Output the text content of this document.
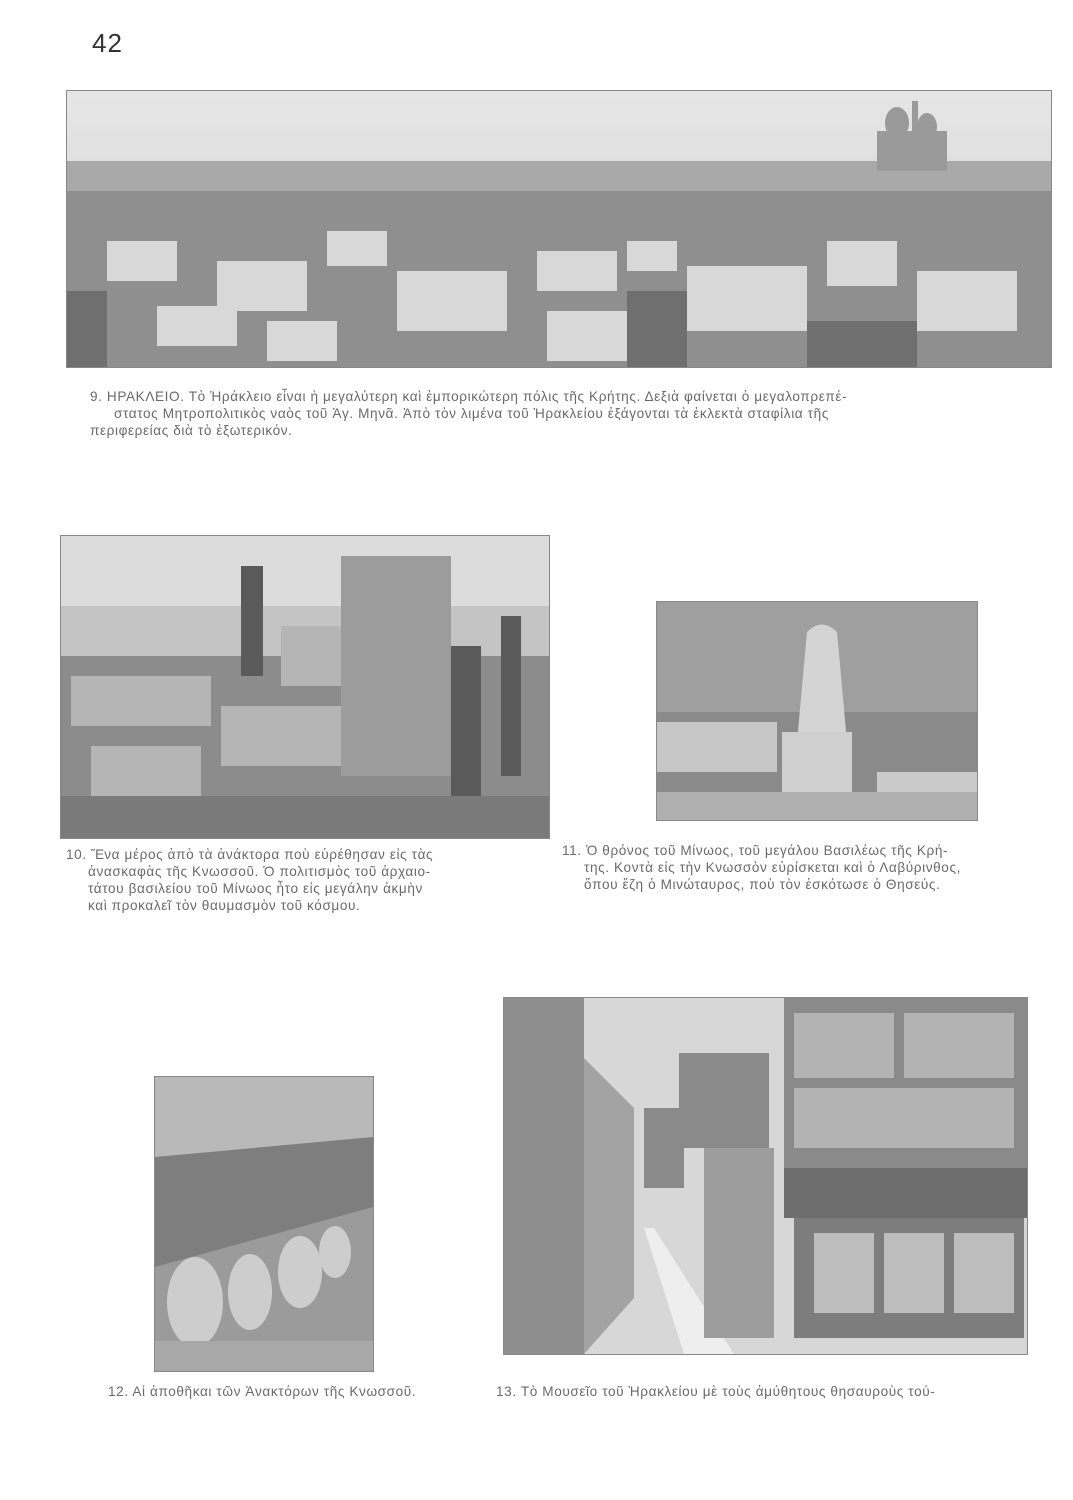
42
9. ΗΡΑΚΛΕΙΟ. Τὸ Ἡράκλειο εἶναι ἡ μεγαλύτερη καὶ ἐμπορικώτερη πόλις τῆς Κρήτης. Δεξιὰ φαίνεται ὁ μεγαλοπρεπέ-
στατος Μητροπολιτικὸς ναὸς τοῦ Ἁγ. Μηνᾶ. Ἀπὸ τὸν λιμένα τοῦ Ἡρακλείου ἐξάγονται τὰ ἐκλεκτὰ σταφίλια τῆς
περιφερείας διὰ τὸ ἐξωτερικόν.
10. Ἕνα μέρος ἀπὸ τὰ ἀνάκτορα ποὺ εὑρέθησαν εἰς τὰς
ἀνασκαφὰς τῆς Κνωσσοῦ. Ὁ πολιτισμὸς τοῦ ἀρχαιο-
τάτου βασιλείου τοῦ Μίνωος ἦτο εἰς μεγάλην ἀκμὴν
καὶ προκαλεῖ τὸν θαυμασμὸν τοῦ κόσμου.
11. Ὁ θρόνος τοῦ Μίνωος, τοῦ μεγάλου Βασιλέως τῆς Κρή-
της. Κοντὰ εἰς τὴν Κνωσσὸν εὑρίσκεται καὶ ὁ Λαβύρινθος,
ὅπου ἔζη ὁ Μινώταυρος, ποὺ τὸν ἐσκότωσε ὁ Θησεύς.
12. Αἱ ἀποθῆκαι τῶν Ἀνακτόρων τῆς Κνωσσοῦ.	13. Τὸ Μουσεῖο τοῦ Ἡρακλείου μὲ τοὺς ἀμύθητους θησαυροὺς τού-
